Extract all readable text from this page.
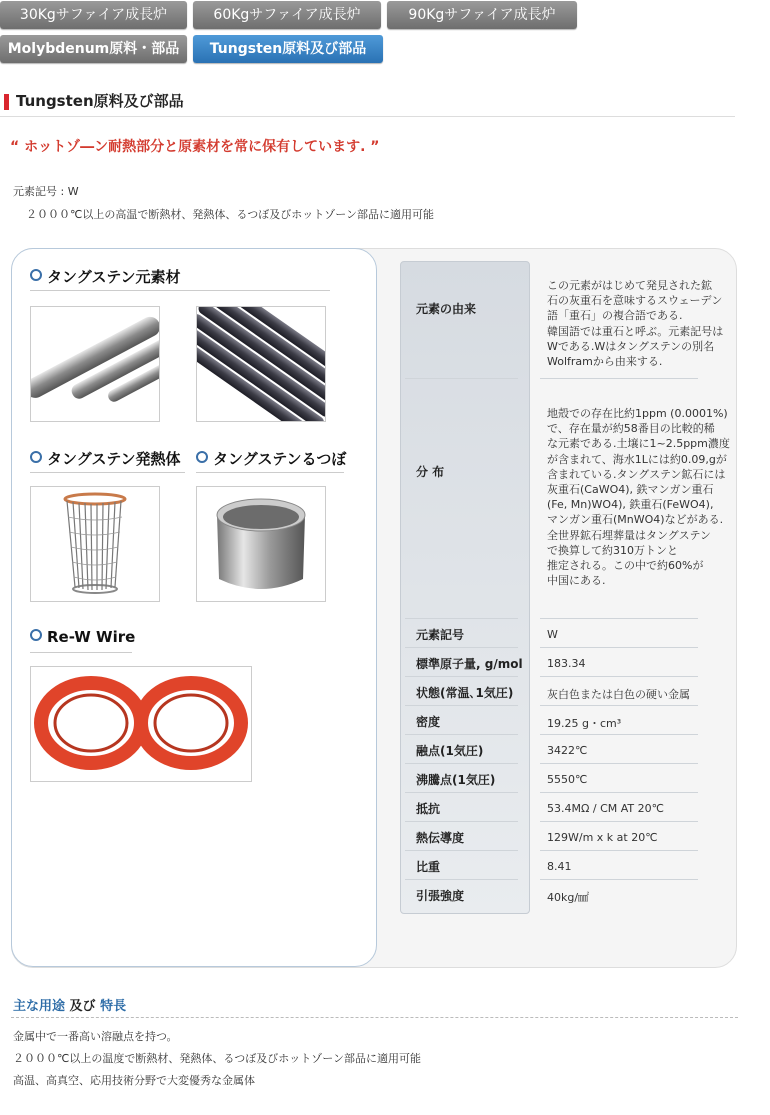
30Kgサファイア成長炉	60Kgサファイア成長炉	90Kgサファイア成長炉
Molybdenum原料・部品	Tungsten原料及び部品
Tungsten原料及び部品
“ ホットゾ―ン耐熱部分と原素材を常に保有しています. ”
元素記号 : W
２０００℃以上の高温で断熱材、発熱体、るつぼ及びホットゾーン部品に適用可能
タングステン元素材
タングステン発熱体	タングステンるつぼ
Re-W Wire
元素の由来
この元素がはじめて発見された鉱
石の灰重石を意味するスウェーデン
語「重石」の複合語である.
韓国語では重石と呼ぶ。元素記号は
Wである.Wはタングステンの別名
Wolframから由来する.
分 布
地殻での存在比約1ppm (0.0001%)
で、存在量が約58番目の比較的稀
な元素である.土壌に1~2.5ppm濃度
が含まれて、海水1Lには約0.09,gが
含まれている.タングステン鉱石には
灰重石(CaWO4), 鉄マンガン重石
(Fe, Mn)WO4), 鉄重石(FeWO4),
マンガン重石(MnWO4)などがある.
全世界鉱石埋葬量はタングステン
で換算して約310万トンと
推定される。この中で約60%が
中国にある.
元素記号	W
標準原子量, g/mol 183.34
状態(常温､1気圧)	灰白色または白色の硬い金属
密度	19.25 g・cm³
融点(1気圧)	3422℃
沸騰点(1気圧)	5550℃
抵抗	53.4MΩ / CM AT 20℃
熱伝導度	129W/m x k at 20℃
比重	8.41
引張強度	40kg/㎟
主な用途 及び 特長
金属中で一番高い溶融点を持つ。
２０００℃以上の温度で断熱材、発熱体、るつぼ及びホットゾーン部品に適用可能
高温、高真空、応用技術分野で大変優秀な金属体
